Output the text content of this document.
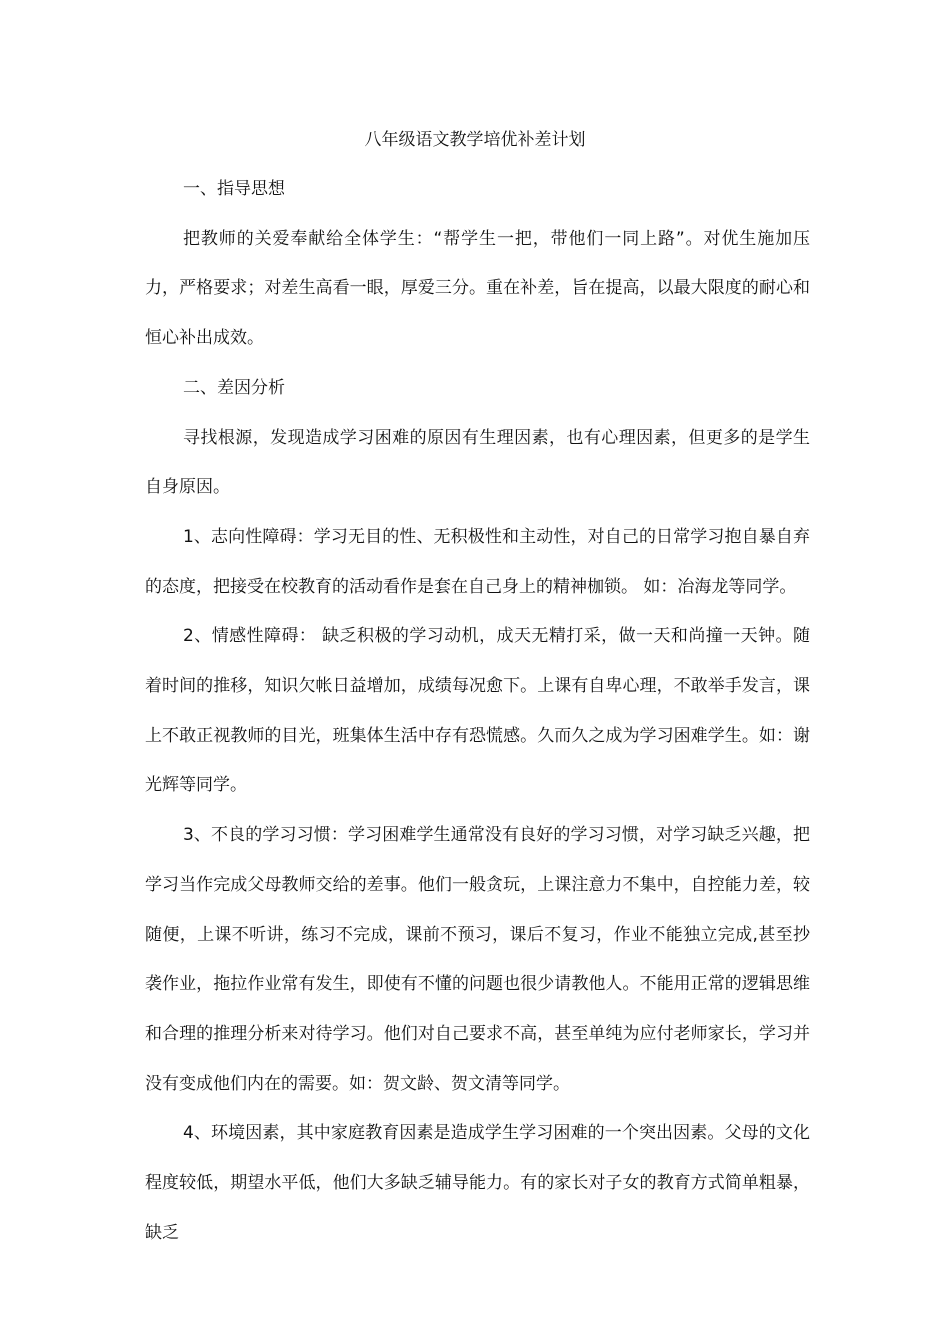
八年级语文教学培优补差计划

一、指导思想

把教师的关爱奉献给全体学生：“帮学生一把，带他们一同上路”。对优生施加压力，严格要求；对差生高看一眼，厚爱三分。重在补差，旨在提高，以最大限度的耐心和恒心补出成效。

二、差因分析

寻找根源，发现造成学习困难的原因有生理因素，也有心理因素，但更多的是学生自身原因。

1、志向性障碍：学习无目的性、无积极性和主动性，对自己的日常学习抱自暴自弃的态度，把接受在校教育的活动看作是套在自己身上的精神枷锁。 如：冶海龙等同学。

2、情感性障碍： 缺乏积极的学习动机，成天无精打采，做一天和尚撞一天钟。随着时间的推移，知识欠帐日益增加，成绩每况愈下。上课有自卑心理，不敢举手发言，课上不敢正视教师的目光，班集体生活中存有恐慌感。久而久之成为学习困难学生。如：谢光辉等同学。

3、不良的学习习惯：学习困难学生通常没有良好的学习习惯，对学习缺乏兴趣，把学习当作完成父母教师交给的差事。他们一般贪玩，上课注意力不集中，自控能力差，较随便，上课不听讲，练习不完成，课前不预习，课后不复习，作业不能独立完成,甚至抄袭作业，拖拉作业常有发生，即使有不懂的问题也很少请教他人。不能用正常的逻辑思维和合理的推理分析来对待学习。他们对自己要求不高，甚至单纯为应付老师家长，学习并没有变成他们内在的需要。如：贺文龄、贺文清等同学。

4、环境因素，其中家庭教育因素是造成学生学习困难的一个突出因素。父母的文化程度较低，期望水平低，他们大多缺乏辅导能力。有的家长对子女的教育方式简单粗暴，缺乏
